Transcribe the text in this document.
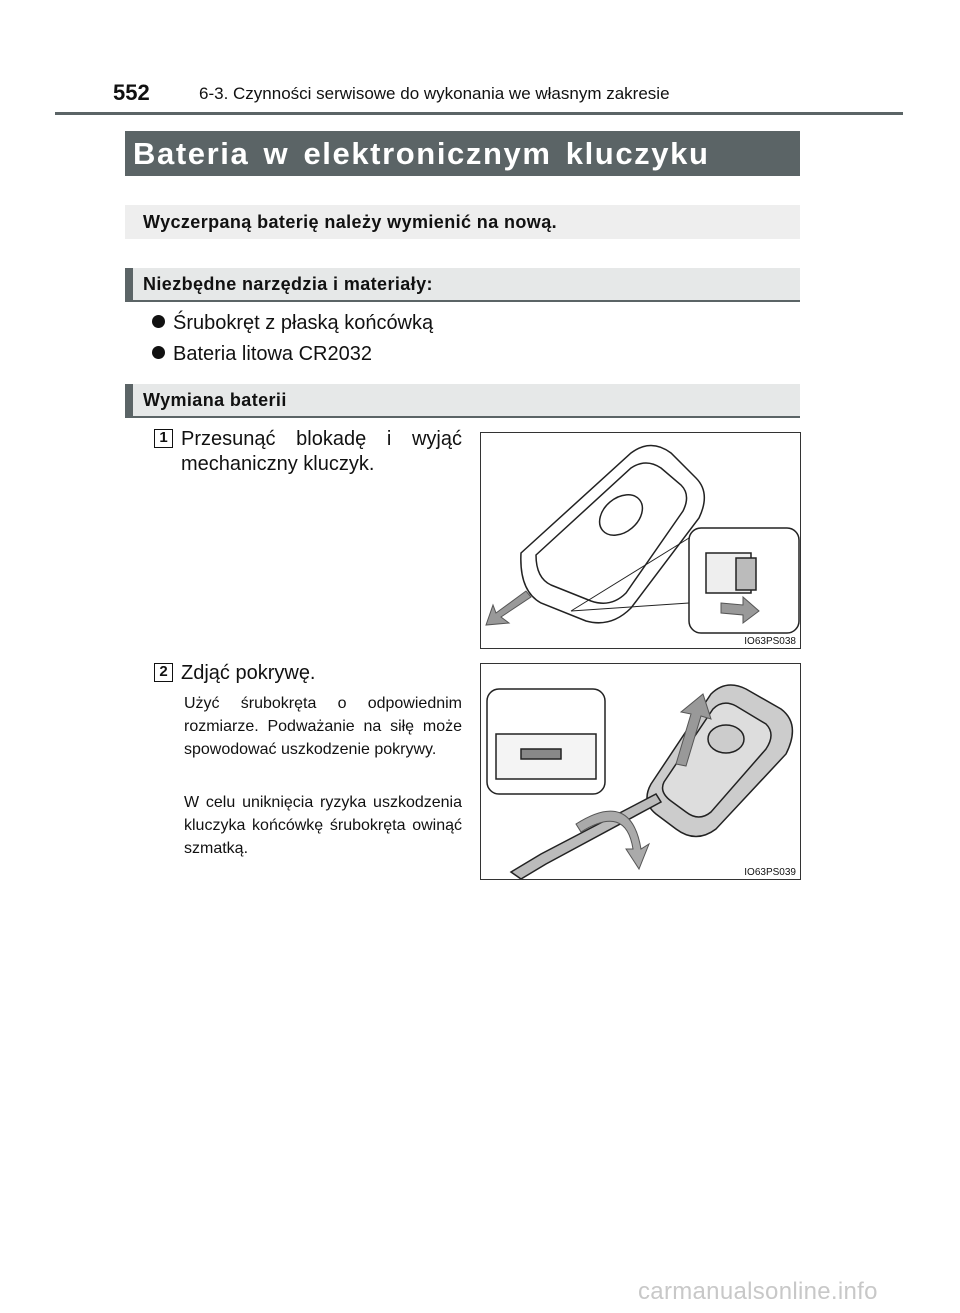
552	6-3. Czynności serwisowe do wykonania we własnym zakresie
Bateria w elektronicznym kluczyku
Wyczerpaną baterię należy wymienić na nową.
Niezbędne narzędzia i materiały:
Śrubokręt z płaską końcówką
Bateria litowa CR2032
Wymiana baterii
1 Przesunąć blokadę i wyjąć mechaniczny kluczyk.
IO63PS038
2 Zdjąć pokrywę.
Użyć śrubokręta o odpowiednim rozmiarze. Podważanie na siłę może spowodować uszkodzenie pokrywy.
W celu uniknięcia ryzyka uszkodzenia kluczyka końcówkę śrubokręta owinąć szmatką.
IO63PS039
carmanualsonline.info
